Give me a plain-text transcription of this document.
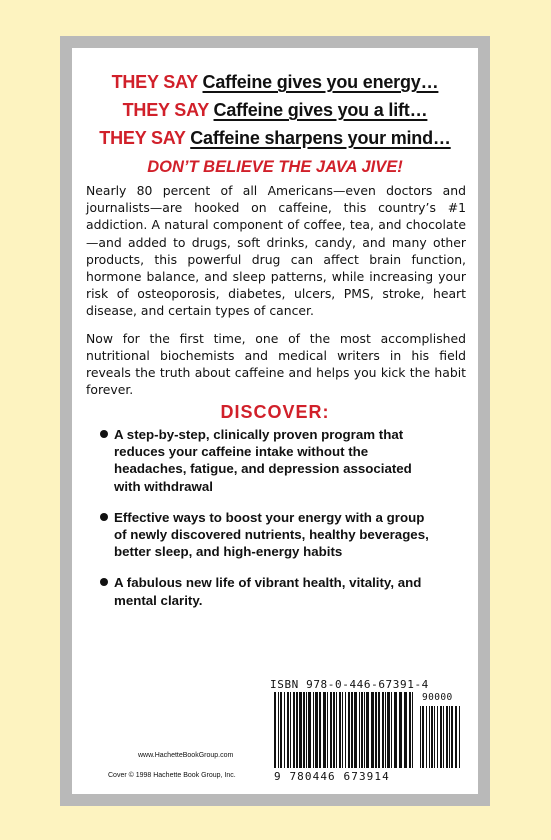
THEY SAY Caffeine gives you energy…
THEY SAY Caffeine gives you a lift…
THEY SAY Caffeine sharpens your mind…
DON’T BELIEVE THE JAVA JIVE!

Nearly 80 percent of all Americans—even doctors and journalists—are hooked on caffeine, this country’s #1 addiction. A natural component of coffee, tea, and chocolate—and added to drugs, soft drinks, candy, and many other products, this powerful drug can affect brain function, hormone balance, and sleep patterns, while increasing your risk of osteoporosis, diabetes, ulcers, PMS, stroke, heart disease, and certain types of cancer.

Now for the first time, one of the most accomplished nutritional biochemists and medical writers in his field reveals the truth about caffeine and helps you kick the habit forever.

DISCOVER:
A step-by-step, clinically proven program that reduces your caffeine intake without the headaches, fatigue, and depression associated with withdrawal
Effective ways to boost your energy with a group of newly discovered nutrients, healthy beverages, better sleep, and high-energy habits
A fabulous new life of vibrant health, vitality, and mental clarity.
ISBN 978-0-446-67391-4
90000
9 780446 673914
www.HachetteBookGroup.com
Cover © 1998 Hachette Book Group, Inc.
